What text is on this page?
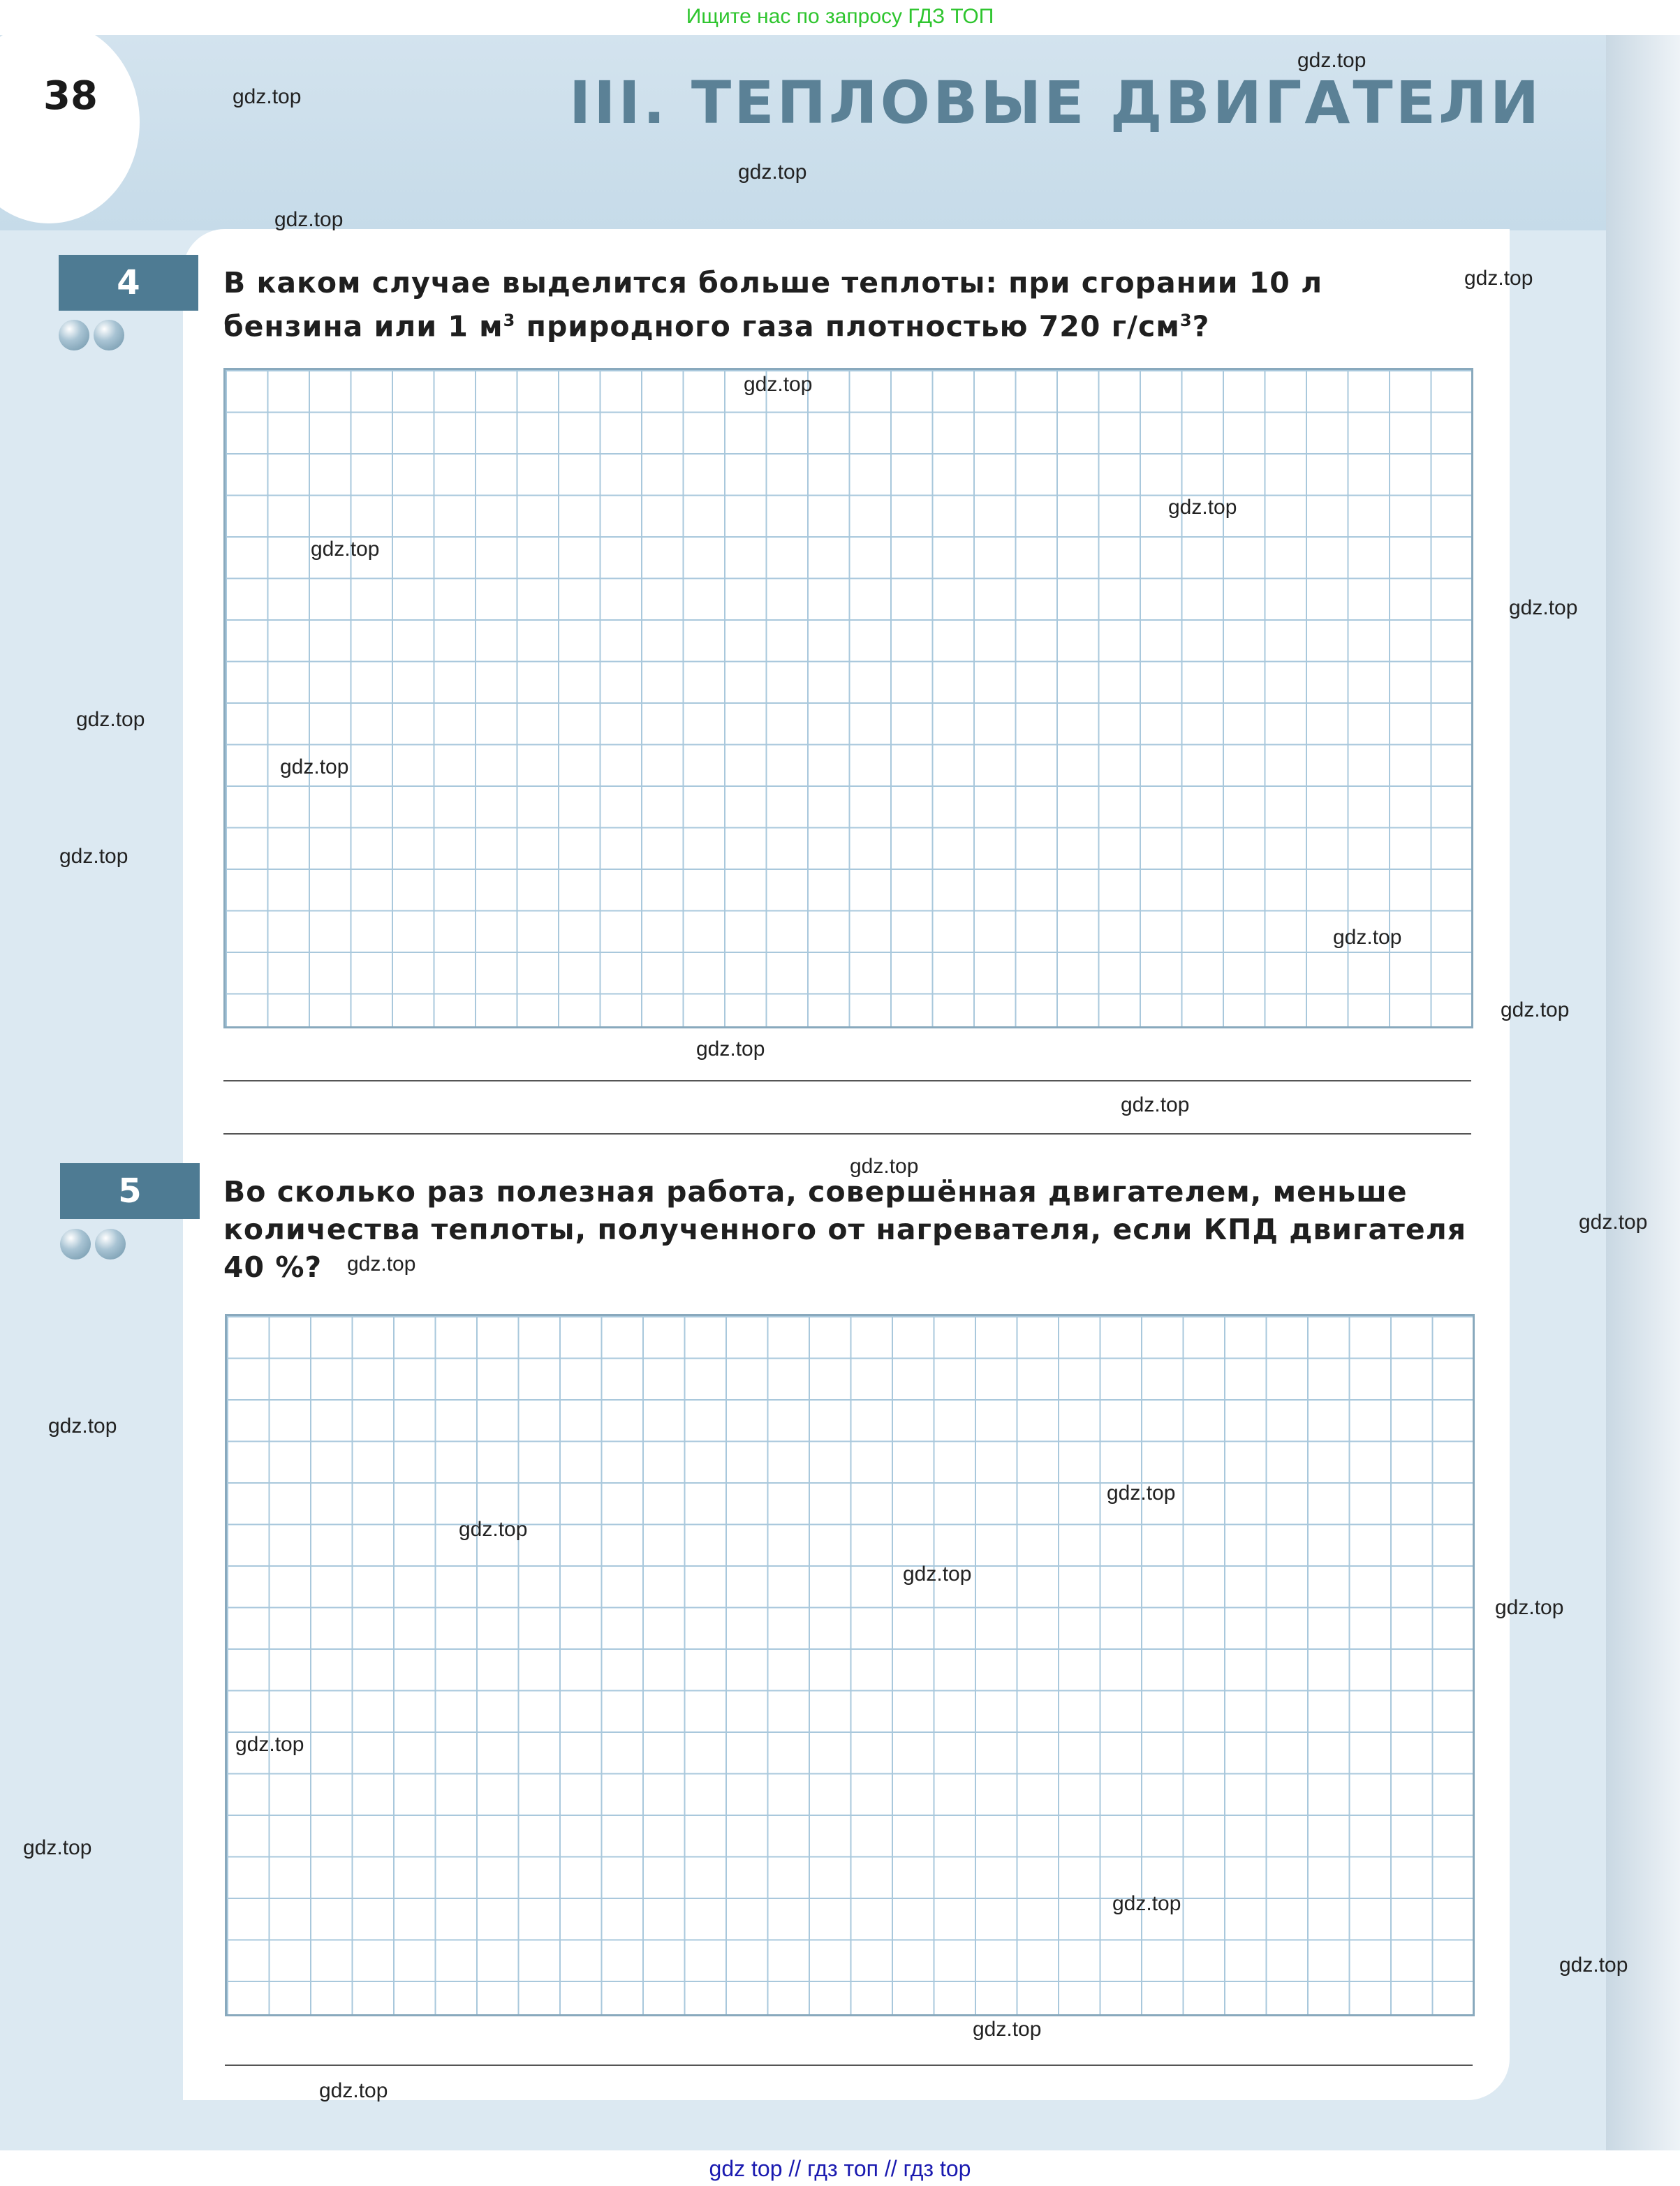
Ищите нас по запросу ГДЗ ТОП
38	III. ТЕПЛОВЫЕ ДВИГАТЕЛИ
4	В каком случае выделится больше теплоты: при сгорании 10 л
бензина или 1 $м^3$ природного газа плотностью 720 $г/см^3$?
5	Во сколько раз полезная работа, совершённая двигателем, меньше
количества теплоты, полученного от нагревателя, если КПД двигателя
40 %?
gdz.top
gdz.top
gdz.top
gdz.top
gdz.top
gdz.top
gdz.top
gdz.top
gdz.top
gdz.top
gdz.top
gdz.top
gdz.top
gdz.top
gdz.top
gdz.top
gdz.top
gdz.top
gdz.top
gdz.top
gdz.top
gdz.top
gdz.top
gdz.top
gdz.top
gdz.top
gdz.top
gdz.top
gdz.top
gdz.top
gdz top // гдз топ // гдз top
